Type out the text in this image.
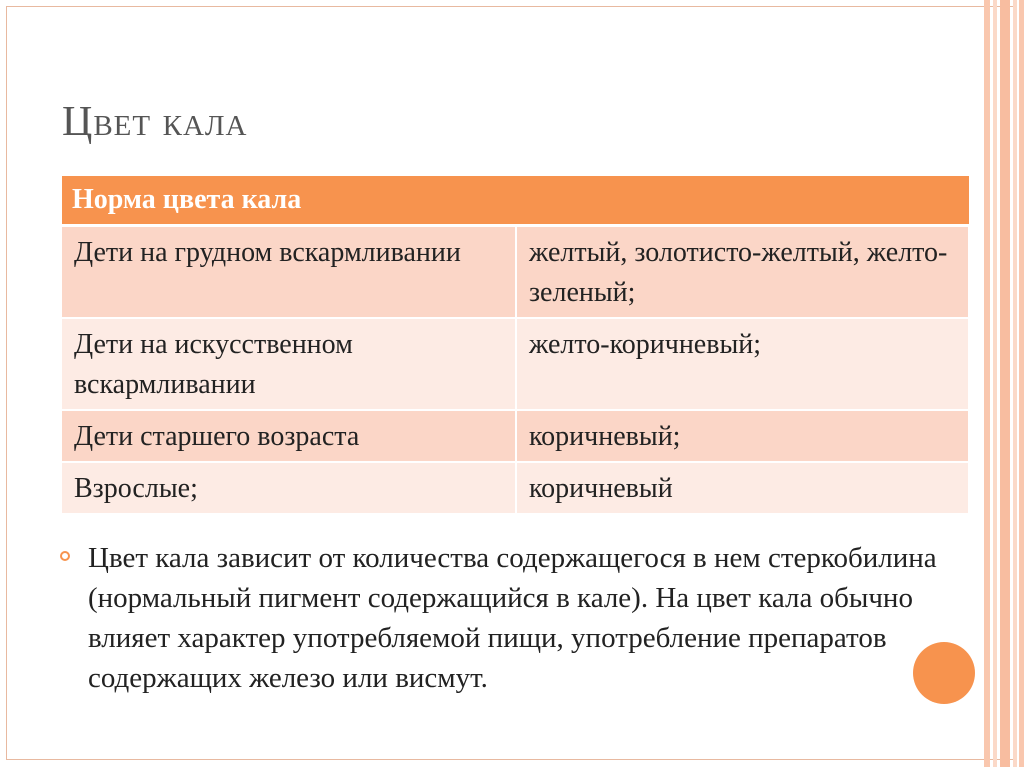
Цвет кала
Норма цвета кала	
Дети на грудном вскармливании	желтый, золотисто-желтый, желто-зеленый;
Дети на искусственном вскармливании	желто-коричневый;
Дети старшего возраста	коричневый;
Взрослые;	коричневый

Цвет кала зависит от количества содержащегося в нем стеркобилина (нормальный пигмент содержащийся в кале). На цвет кала обычно влияет характер употребляемой пищи, употребление препаратов содержащих железо или висмут.
